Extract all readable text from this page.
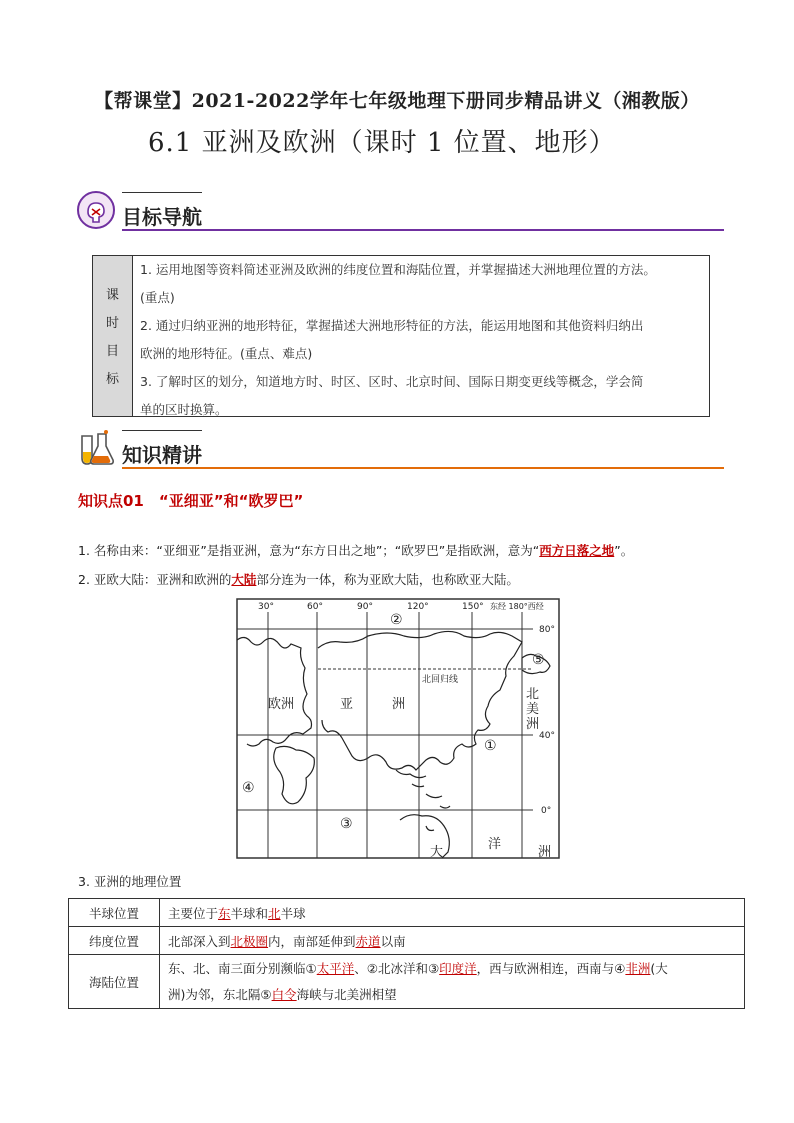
【帮课堂】2021-2022学年七年级地理下册同步精品讲义（湘教版）
6.1 亚洲及欧洲（课时 1 位置、地形）
目标导航
课
时
目
标
1. 运用地图等资料简述亚洲及欧洲的纬度位置和海陆位置，并掌握描述大洲地理位置的方法。
(重点)
2. 通过归纳亚洲的地形特征，掌握描述大洲地形特征的方法，能运用地图和其他资料归纳出
欧洲的地形特征。(重点、难点)
3. 了解时区的划分，知道地方时、时区、区时、北京时间、国际日期变更线等概念，学会简
单的区时换算。
知识精讲
知识点01　“亚细亚”和“欧罗巴”
1. 名称由来：“亚细亚”是指亚洲，意为“东方日出之地”；“欧罗巴”是指欧洲，意为“西方日落之地”。
2. 亚欧大陆：亚洲和欧洲的大陆部分连为一体，称为亚欧大陆，也称欧亚大陆。
30°	60°	90°	120°	150° 东经 180°西经
80°
40°
0°
欧洲	亚	洲
北回归线
北
美
洲
大
洋
洲
①
②
③
④
⑤
3. 亚洲的地理位置
半球位置	主要位于东半球和北半球
纬度位置	北部深入到北极圈内，南部延伸到赤道以南
海陆位置	东、北、南三面分别濒临①太平洋、②北冰洋和③印度洋，西与欧洲相连，西南与④非洲(大
洲)为邻，东北隔⑤白令海峡与北美洲相望
